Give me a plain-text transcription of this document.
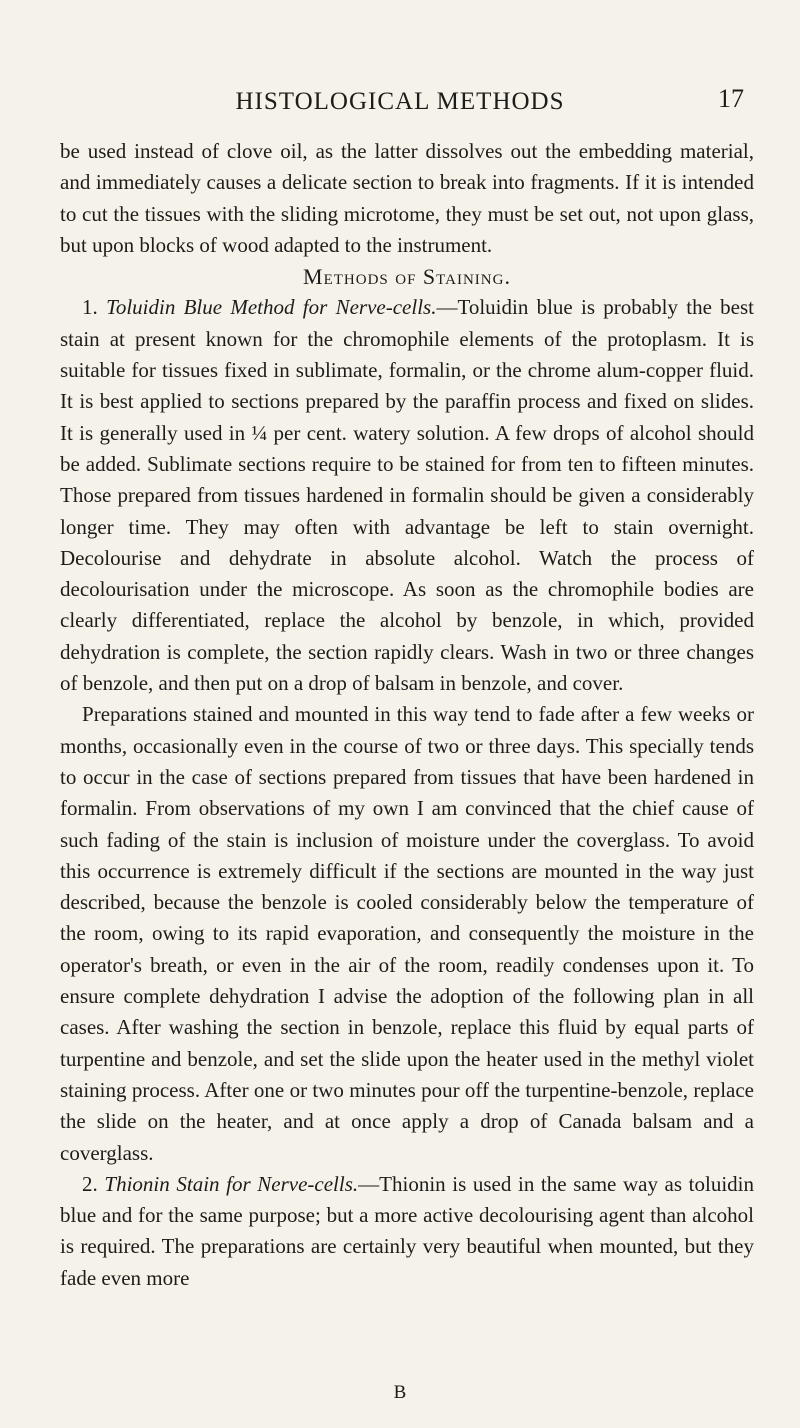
HISTOLOGICAL METHODS	17

be used instead of clove oil, as the latter dissolves out the embedding material, and immediately causes a delicate section to break into fragments. If it is intended to cut the tissues with the sliding microtome, they must be set out, not upon glass, but upon blocks of wood adapted to the instrument.

Methods of Staining.

1. Toluidin Blue Method for Nerve-cells.—Toluidin blue is probably the best stain at present known for the chromophile elements of the protoplasm. It is suitable for tissues fixed in sublimate, formalin, or the chrome alum-copper fluid. It is best applied to sections prepared by the paraffin process and fixed on slides. It is generally used in ¼ per cent. watery solution. A few drops of alcohol should be added. Sublimate sections require to be stained for from ten to fifteen minutes. Those prepared from tissues hardened in formalin should be given a considerably longer time. They may often with advantage be left to stain overnight. Decolourise and dehydrate in absolute alcohol. Watch the process of decolourisation under the microscope. As soon as the chromophile bodies are clearly differentiated, replace the alcohol by benzole, in which, provided dehydration is complete, the section rapidly clears. Wash in two or three changes of benzole, and then put on a drop of balsam in benzole, and cover.

Preparations stained and mounted in this way tend to fade after a few weeks or months, occasionally even in the course of two or three days. This specially tends to occur in the case of sections prepared from tissues that have been hardened in formalin. From observations of my own I am convinced that the chief cause of such fading of the stain is inclusion of moisture under the coverglass. To avoid this occurrence is extremely difficult if the sections are mounted in the way just described, because the benzole is cooled considerably below the temperature of the room, owing to its rapid evaporation, and consequently the moisture in the operator's breath, or even in the air of the room, readily condenses upon it. To ensure complete dehydration I advise the adoption of the following plan in all cases. After washing the section in benzole, replace this fluid by equal parts of turpentine and benzole, and set the slide upon the heater used in the methyl violet staining process. After one or two minutes pour off the turpentine-benzole, replace the slide on the heater, and at once apply a drop of Canada balsam and a coverglass.

2. Thionin Stain for Nerve-cells.—Thionin is used in the same way as toluidin blue and for the same purpose; but a more active decolourising agent than alcohol is required. The preparations are certainly very beautiful when mounted, but they fade even more

B
